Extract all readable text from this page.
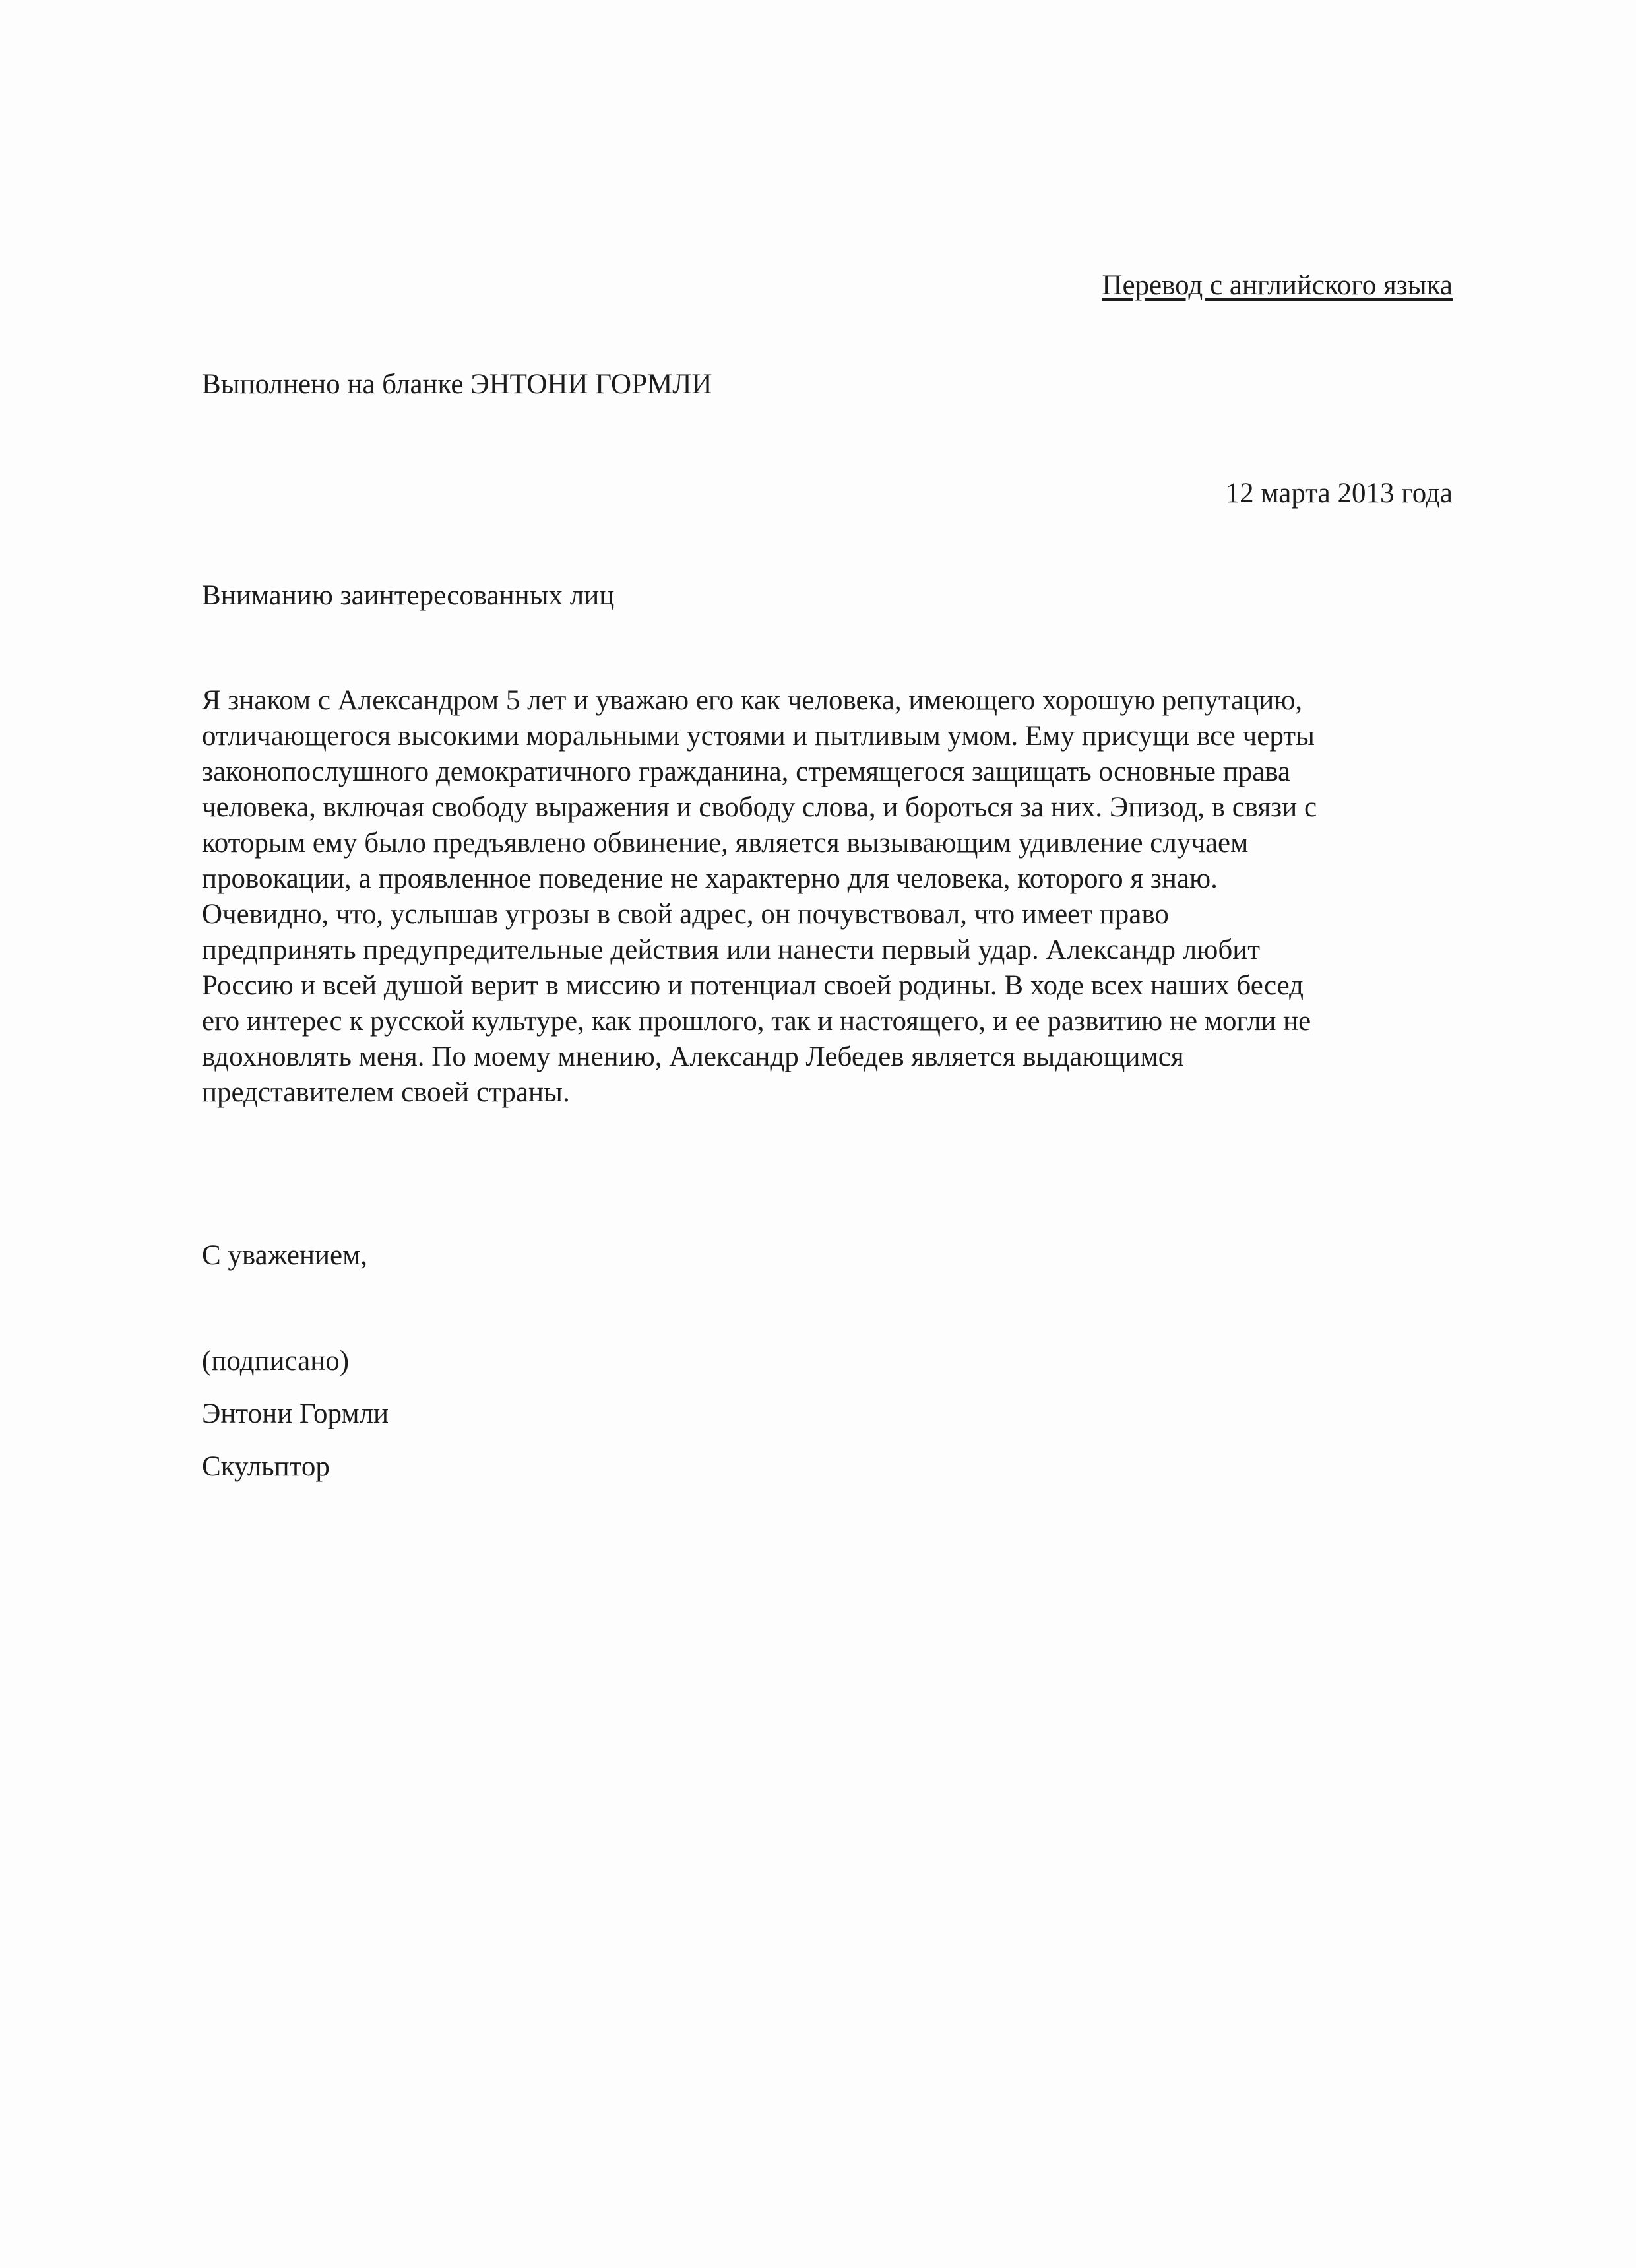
Перевод с английского языка
Выполнено на бланке ЭНТОНИ ГОРМЛИ
12 марта 2013 года
Вниманию заинтересованных лиц
Я знаком с Александром 5 лет и уважаю его как человека, имеющего хорошую репутацию,
отличающегося высокими моральными устоями и пытливым умом. Ему присущи все черты
законопослушного демократичного гражданина, стремящегося защищать основные права
человека, включая свободу выражения и свободу слова, и бороться за них. Эпизод, в связи с
которым ему было предъявлено обвинение, является вызывающим удивление случаем
провокации, а проявленное поведение не характерно для человека, которого я знаю.
Очевидно, что, услышав угрозы в свой адрес, он почувствовал, что имеет право
предпринять предупредительные действия или нанести первый удар. Александр любит
Россию и всей душой верит в миссию и потенциал своей родины. В ходе всех наших бесед
его интерес к русской культуре, как прошлого, так и настоящего, и ее развитию не могли не
вдохновлять меня. По моему мнению, Александр Лебедев является выдающимся
представителем своей страны.
С уважением,
(подписано)
Энтони Гормли
Скульптор
